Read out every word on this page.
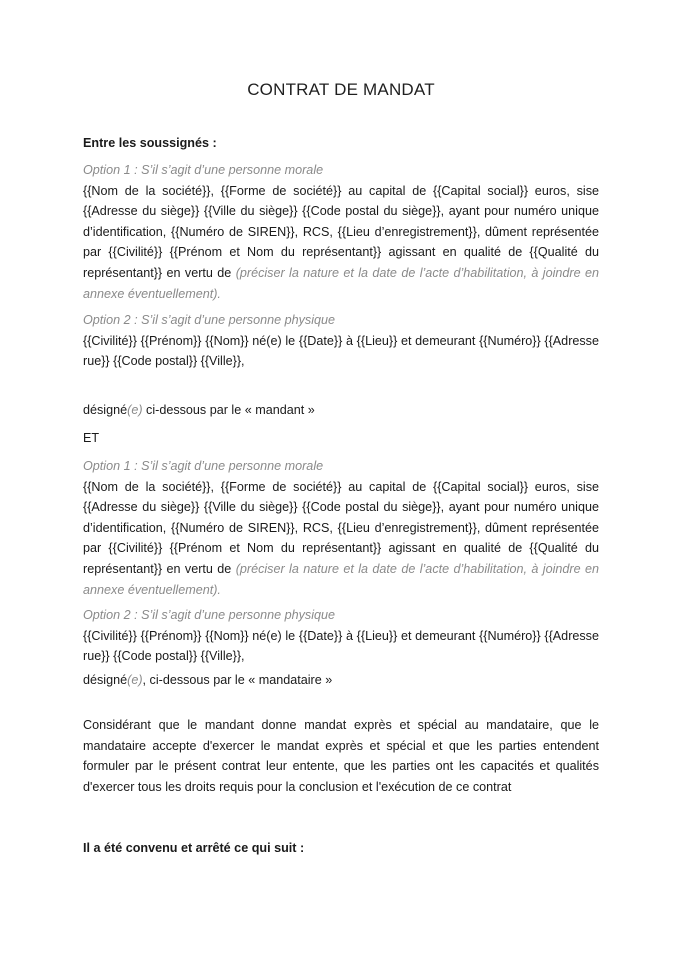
CONTRAT DE MANDAT
Entre les soussignés :

Option 1 : S’il s’agit d’une personne morale

{{Nom de la société}}, {{Forme de société}} au capital de {{Capital social}} euros, sise {{Adresse du siège}} {{Ville du siège}} {{Code postal du siège}}, ayant pour numéro unique d’identification, {{Numéro de SIREN}}, RCS, {{Lieu d’enregistrement}}, dûment représentée par {{Civilité}} {{Prénom et Nom du représentant}} agissant en qualité de {{Qualité du représentant}} en vertu de (préciser la nature et la date de l’acte d’habilitation, à joindre en annexe éventuellement).

Option 2 : S’il s’agit d’une personne physique

{{Civilité}} {{Prénom}} {{Nom}} né(e) le {{Date}} à {{Lieu}} et demeurant {{Numéro}} {{Adresse rue}} {{Code postal}} {{Ville}},

désigné(e) ci-dessous par le « mandant »
ET

Option 1 : S’il s’agit d’une personne morale

{{Nom de la société}}, {{Forme de société}} au capital de {{Capital social}} euros, sise {{Adresse du siège}} {{Ville du siège}} {{Code postal du siège}}, ayant pour numéro unique d’identification, {{Numéro de SIREN}}, RCS, {{Lieu d’enregistrement}}, dûment représentée par {{Civilité}} {{Prénom et Nom du représentant}} agissant en qualité de {{Qualité du représentant}} en vertu de (préciser la nature et la date de l’acte d’habilitation, à joindre en annexe éventuellement).

Option 2 : S’il s’agit d’une personne physique

{{Civilité}} {{Prénom}} {{Nom}} né(e) le {{Date}} à {{Lieu}} et demeurant {{Numéro}} {{Adresse rue}} {{Code postal}} {{Ville}},

désigné(e), ci-dessous par le « mandataire »
Considérant que le mandant donne mandat exprès et spécial au mandataire, que le mandataire accepte d'exercer le mandat exprès et spécial et que les parties entendent formuler par le présent contrat leur entente, que les parties ont les capacités et qualités d'exercer tous les droits requis pour la conclusion et l'exécution de ce contrat
Il a été convenu et arrêté ce qui suit :
